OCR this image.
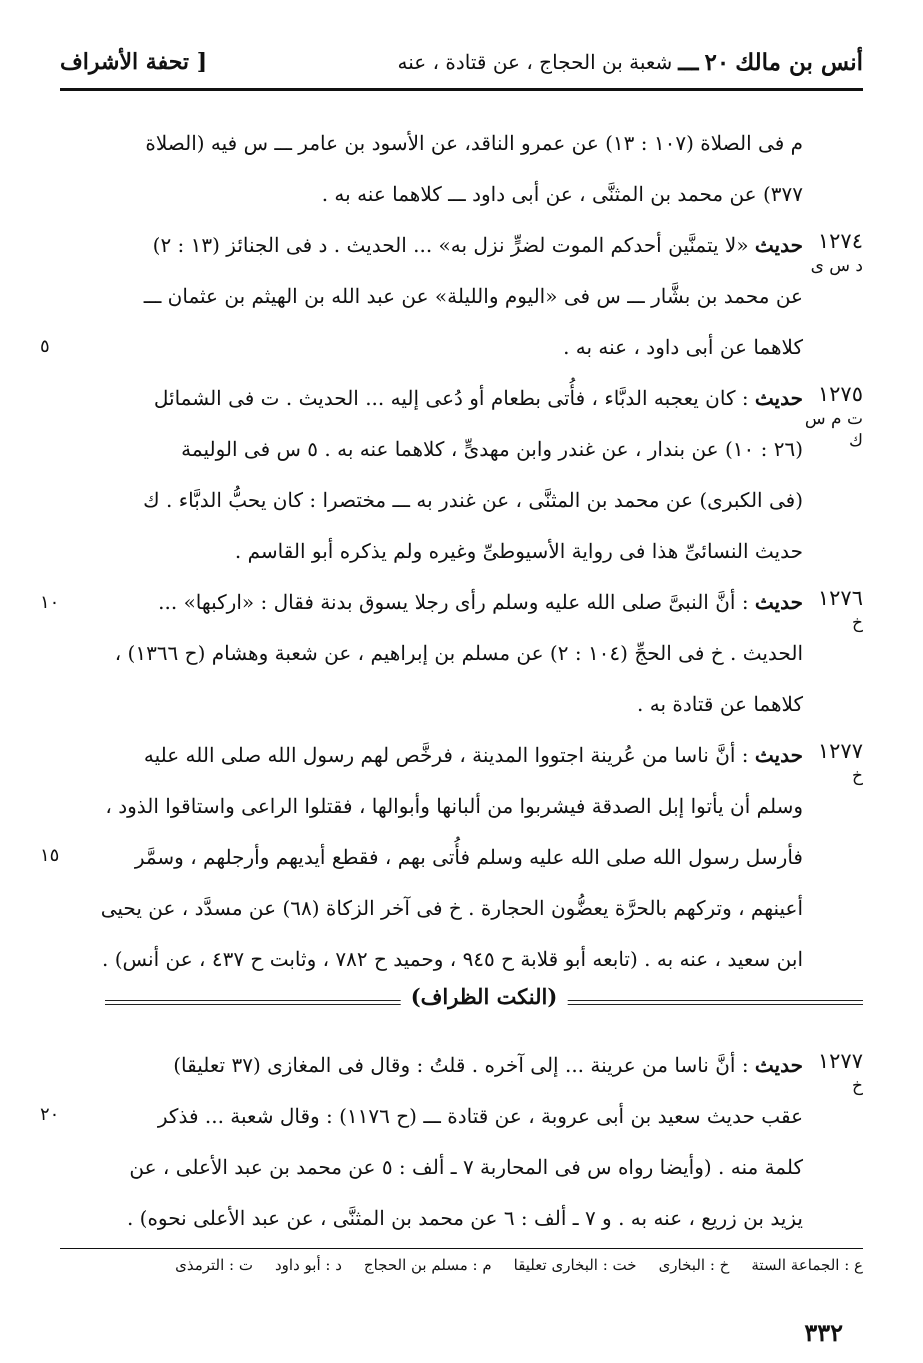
أنس بن مالك
٢٠
ـــ
شعبة بن الحجاج ، عن قتادة ، عنه
[ تحفة الأشراف
م فى الصلاة (١٠٧ : ١٣) عن عمرو الناقد، عن الأسود بن عامر ـــ س فيه (الصلاة
٣٧٧) عن محمد بن المثنَّى ، عن أبى داود ـــ كلاهما عنه به .
١٢٧٤
د س ى
حديث «لا يتمنَّين أحدكم الموت لضرٍّ نزل به» ... الحديث . د فى الجنائز (١٣ : ٢)
عن محمد بن بشَّار ـــ س فى «اليوم والليلة» عن عبد الله بن الهيثم بن عثمان ـــ
كلاهما عن أبى داود ، عنه به .
١٢٧٥
ت م س ك
حديث : كان يعجبه الدبَّاء ، فأُتى بطعام أو دُعى إليه ... الحديث . ت فى الشمائل
(٢٦ : ١٠) عن بندار ، عن غندر وابن مهدىٍّ ، كلاهما عنه به . ٥ س فى الوليمة
(فى الكبرى) عن محمد بن المثنَّى ، عن غندر به ـــ مختصرا : كان يحبُّ الدبَّاء . ك
حديث النسائىِّ هذا فى رواية الأسيوطىِّ وغيره ولم يذكره أبو القاسم .
١٢٧٦
خ
حديث : أنَّ النبىَّ صلى الله عليه وسلم رأى رجلا يسوق بدنة فقال : «اركبها» ...
الحديث . خ فى الحجِّ (١٠٤ : ٢) عن مسلم بن إبراهيم ، عن شعبة وهشام (ح ١٣٦٦) ،
كلاهما عن قتادة به .
١٢٧٧
خ
حديث : أنَّ ناسا من عُرينة اجتووا المدينة ، فرخَّص لهم رسول الله صلى الله عليه
وسلم أن يأتوا إبل الصدقة فيشربوا من ألبانها وأبوالها ، فقتلوا الراعى واستاقوا الذود ،
فأرسل رسول الله صلى الله عليه وسلم فأُتى بهم ، فقطع أيديهم وأرجلهم ، وسمَّر
أعينهم ، وتركهم بالحرَّة يعضُّون الحجارة . خ فى آخر الزكاة (٦٨) عن مسدَّد ، عن يحيى
ابن سعيد ، عنه به . (تابعه أبو قلابة ح ٩٤٥ ، وحميد ح ٧٨٢ ، وثابت ح ٤٣٧ ، عن أنس) .
٥
١٠
١٥
٢٠
(النكت الظراف)
١٢٧٧
خ
حديث : أنَّ ناسا من عرينة ... إلى آخره . قلتُ : وقال فى المغازى (٣٧ تعليقا)
عقب حديث سعيد بن أبى عروبة ، عن قتادة ـــ (ح ١١٧٦) : وقال شعبة ... فذكر
كلمة منه . (وأيضا رواه س فى المحاربة ٧ ـ ألف : ٥ عن محمد بن عبد الأعلى ، عن
يزيد بن زريع ، عنه به . و ٧ ـ ألف : ٦ عن محمد بن المثنَّى ، عن عبد الأعلى نحوه) .
ع : الجماعة الستة
خ : البخارى
خت : البخارى تعليقا
م : مسلم بن الحجاج
د : أبو داود
ت : الترمذى
٣٣٢
